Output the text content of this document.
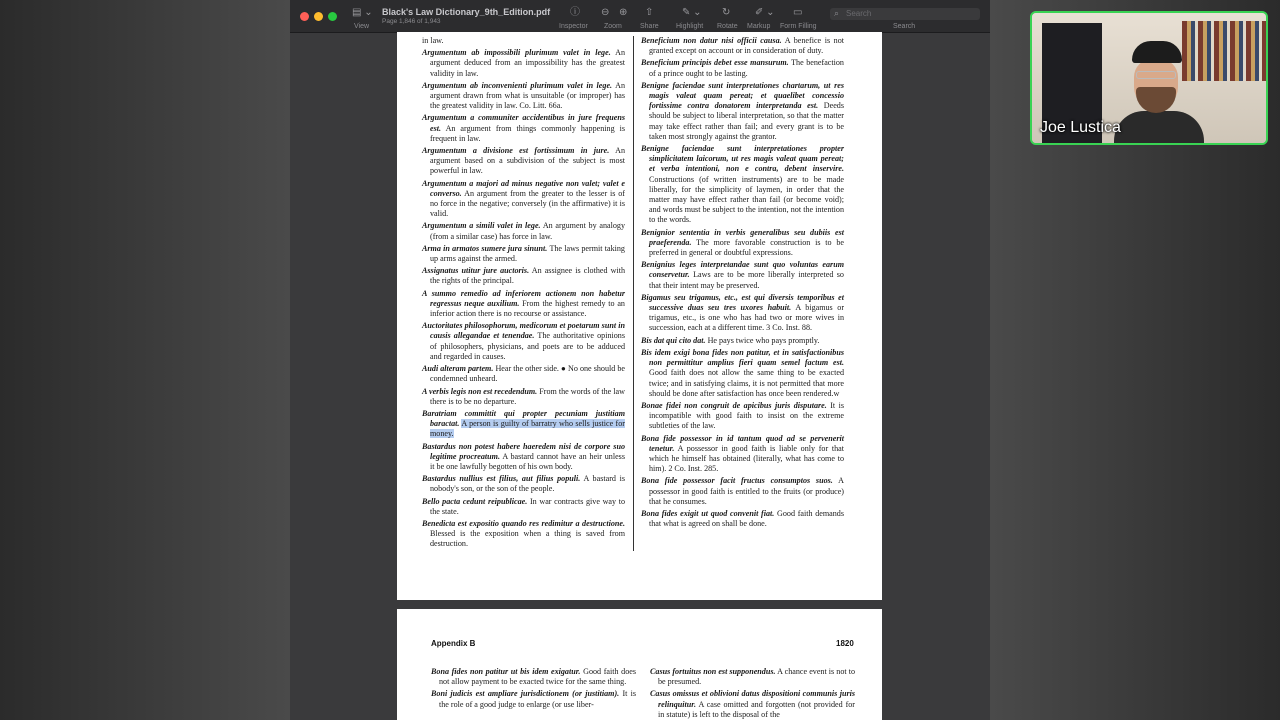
▤ ⌄
View
Black's Law Dictionary_9th_Edition.pdf
Page 1,846 of 1,943
ⓘ
Inspector
⊖ ⊕
Zoom
⇧
Share
✎ ⌄
Highlight
↻
Rotate
✐ ⌄
Markup
▭
Form Filling
⌕ Search
Search
in law.
Argumentum ab impossibili plurimum valet in lege. An argument deduced from an impossibility has the greatest validity in law.
Argumentum ab inconvenienti plurimum valet in lege. An argument drawn from what is unsuitable (or improper) has the greatest validity in law. Co. Litt. 66a.
Argumentum a communiter accidentibus in jure frequens est. An argument from things commonly happening is frequent in law.
Argumentum a divisione est fortissimum in jure. An argument based on a subdivision of the subject is most powerful in law.
Argumentum a majori ad minus negative non valet; valet e converso. An argument from the greater to the lesser is of no force in the negative; conversely (in the affirmative) it is valid.
Argumentum a simili valet in lege. An argument by analogy (from a similar case) has force in law.
Arma in armatos sumere jura sinunt. The laws permit taking up arms against the armed.
Assignatus utitur jure auctoris. An assignee is clothed with the rights of the principal.
A summo remedio ad inferiorem actionem non habetur regressus neque auxilium. From the highest remedy to an inferior action there is no recourse or assistance.
Auctoritates philosophorum, medicorum et poetarum sunt in causis allegandae et tenendae. The authoritative opinions of philosophers, physicians, and poets are to be adduced and regarded in causes.
Audi alteram partem. Hear the other side. ● No one should be condemned unheard.
A verbis legis non est recedendum. From the words of the law there is to be no departure.
Baratriam committit qui propter pecuniam justitiam baractat. A person is guilty of barratry who sells justice for money.
Bastardus non potest habere haeredem nisi de corpore suo legitime procreatum. A bastard cannot have an heir unless it be one lawfully begotten of his own body.
Bastardus nullius est filius, aut filius populi. A bastard is nobody's son, or the son of the people.
Bello pacta cedunt reipublicae. In war contracts give way to the state.
Benedicta est expositio quando res redimitur a destructione. Blessed is the exposition when a thing is saved from destruction.
Beneficium non datur nisi officii causa. A benefice is not granted except on account or in consideration of duty.
Beneficium principis debet esse mansurum. The benefaction of a prince ought to be lasting.
Benigne faciendae sunt interpretationes chartarum, ut res magis valeat quam pereat; et quaelibet concessio fortissime contra donatorem interpretanda est. Deeds should be subject to liberal interpretation, so that the matter may take effect rather than fail; and every grant is to be taken most strongly against the grantor.
Benigne faciendae sunt interpretationes propter simplicitatem laicorum, ut res magis valeat quam pereat; et verba intentioni, non e contra, debent inservire. Constructions (of written instruments) are to be made liberally, for the simplicity of laymen, in order that the matter may have effect rather than fail (or become void); and words must be subject to the intention, not the intention to the words.
Benignior sententia in verbis generalibus seu dubiis est praeferenda. The more favorable construction is to be preferred in general or doubtful expressions.
Benignius leges interpretandae sunt quo voluntas earum conservetur. Laws are to be more liberally interpreted so that their intent may be preserved.
Bigamus seu trigamus, etc., est qui diversis temporibus et successive duas seu tres uxores habuit. A bigamus or trigamus, etc., is one who has had two or more wives in succession, each at a different time. 3 Co. Inst. 88.
Bis dat qui cito dat. He pays twice who pays promptly.
Bis idem exigi bona fides non patitur, et in satisfactionibus non permittitur amplius fieri quam semel factum est. Good faith does not allow the same thing to be exacted twice; and in satisfying claims, it is not permitted that more should be done after satisfaction has once been rendered.w
Bonae fidei non congruit de apicibus juris disputare. It is incompatible with good faith to insist on the extreme subtleties of the law.
Bona fide possessor in id tantum quod ad se pervenerit tenetur. A possessor in good faith is liable only for that which he himself has obtained (literally, what has come to him). 2 Co. Inst. 285.
Bona fide possessor facit fructus consumptos suos. A possessor in good faith is entitled to the fruits (or produce) that he consumes.
Bona fides exigit ut quod convenit fiat. Good faith demands that what is agreed on shall be done.
Appendix B	1820
Bona fides non patitur ut bis idem exigatur. Good faith does not allow payment to be exacted twice for the same thing.
Boni judicis est ampliare jurisdictionem (or justitiam). It is the role of a good judge to enlarge (or use liber-
Casus fortuitus non est supponendus. A chance event is not to be presumed.
Casus omissus et oblivioni datus dispositioni communis juris relinquitur. A case omitted and forgotten (not provided for in statute) is left to the disposal of the
Joe Lustica
